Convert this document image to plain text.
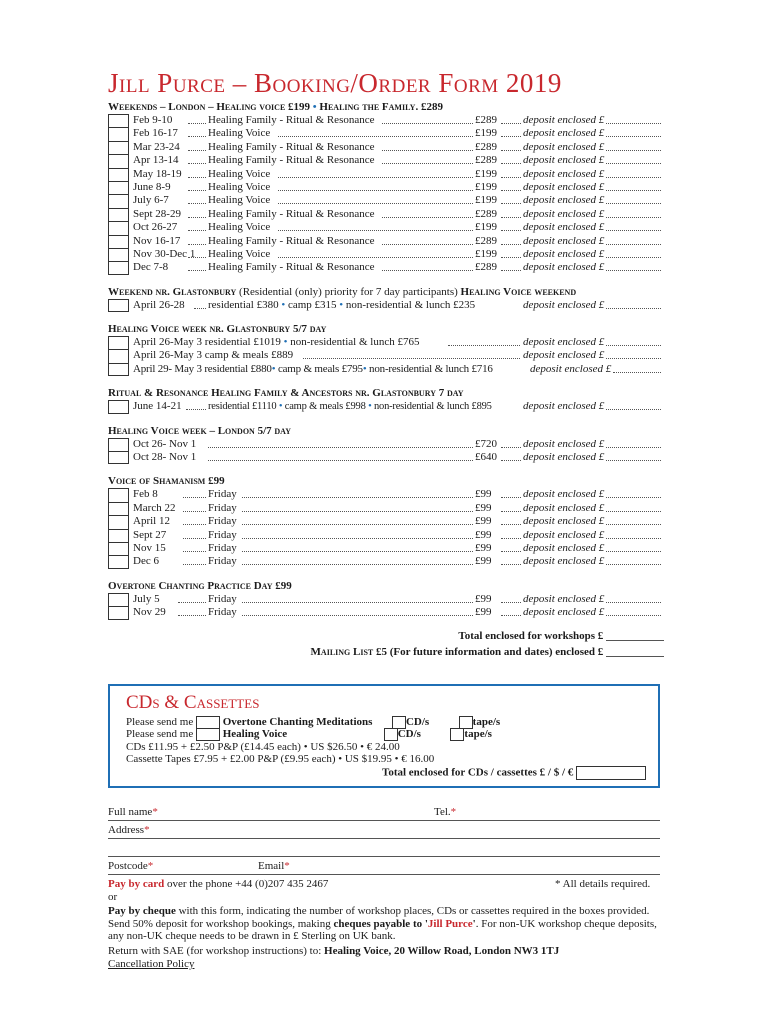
Jill Purce – Booking/Order Form 2019
Weekends – London – Healing voice £199 • Healing the Family. £289
Feb 9-10	Healing Family - Ritual & Resonance	£289 deposit enclosed £
Feb 16-17	Healing Voice	£199 deposit enclosed £
Mar 23-24	Healing Family - Ritual & Resonance	£289 deposit enclosed £
Apr 13-14	Healing Family - Ritual & Resonance	£289 deposit enclosed £
May 18-19 Healing Voice	£199 deposit enclosed £
June 8-9	Healing Voice	£199 deposit enclosed £
July 6-7	Healing Voice	£199 deposit enclosed £
Sept 28-29 Healing Family - Ritual & Resonance	£289 deposit enclosed £
Oct 26-27	Healing Voice	£199 deposit enclosed £
Nov 16-17	Healing Family - Ritual & Resonance	£289 deposit enclosed £
Nov 30-Dec 1 Healing Voice	£199 deposit enclosed £
Dec 7-8	Healing Family - Ritual & Resonance	£289 deposit enclosed £
Weekend nr. Glastonbury (Residential (only) priority for 7 day participants) Healing Voice weekend
April 26-28 residential £380 • camp £315 • non-residential & lunch £235	deposit enclosed £
Healing Voice week nr. Glastonbury 5/7 day
April 26-May 3 residential £1019 • non-residential & lunch £765	deposit enclosed £
April 26-May 3 camp & meals £889	deposit enclosed £
April 29- May 3 residential £880• camp & meals £795• non-residential & lunch £716	deposit enclosed £
Ritual & Resonance Healing Family & Ancestors nr. Glastonbury 7 day
June 14-21	residential £1110 • camp & meals £998 • non-residential & lunch £895	deposit enclosed £
Healing Voice week – London 5/7 day
Oct 26- Nov 1	£720 deposit enclosed £
Oct 28- Nov 1	£640 deposit enclosed £
Voice of Shamanism £99
Feb 8	Friday	£99	deposit enclosed £
March 22	Friday	£99	deposit enclosed £
April 12	Friday	£99	deposit enclosed £
Sept 27	Friday	£99	deposit enclosed £
Nov 15	Friday	£99	deposit enclosed £
Dec 6	Friday	£99	deposit enclosed £
Overtone Chanting Practice Day £99
July 5	Friday	£99	deposit enclosed £
Nov 29	Friday	£99	deposit enclosed £
Total enclosed for workshops £
Mailing List £5 (For future information and dates) enclosed £
CDs & Cassettes
Please send me	Overtone Chanting Meditations	CD/s	tape/s
Please send me	Healing Voice	CD/s	tape/s
CDs £11.95 + £2.50 P&P (£14.45 each) • US $26.50 • € 24.00
Cassette Tapes £7.95 + £2.00 P&P (£9.95 each) • US $19.95 • € 16.00
Total enclosed for CDs / cassettes £ / $ / €
Full name*	Tel.*
Address*
Postcode*	Email*
Pay by card over the phone +44 (0)207 435 2467	* All details required.
or
Pay by cheque with this form, indicating the number of workshop places, CDs or cassettes required in the boxes provided. Send 50% deposit for workshop bookings, making cheques payable to 'Jill Purce'. For non-UK workshop cheque deposits, any non-UK cheque needs to be drawn in £ Sterling on UK bank.
Return with SAE (for workshop instructions) to: Healing Voice, 20 Willow Road, London NW3 1TJ
Cancellation Policy
